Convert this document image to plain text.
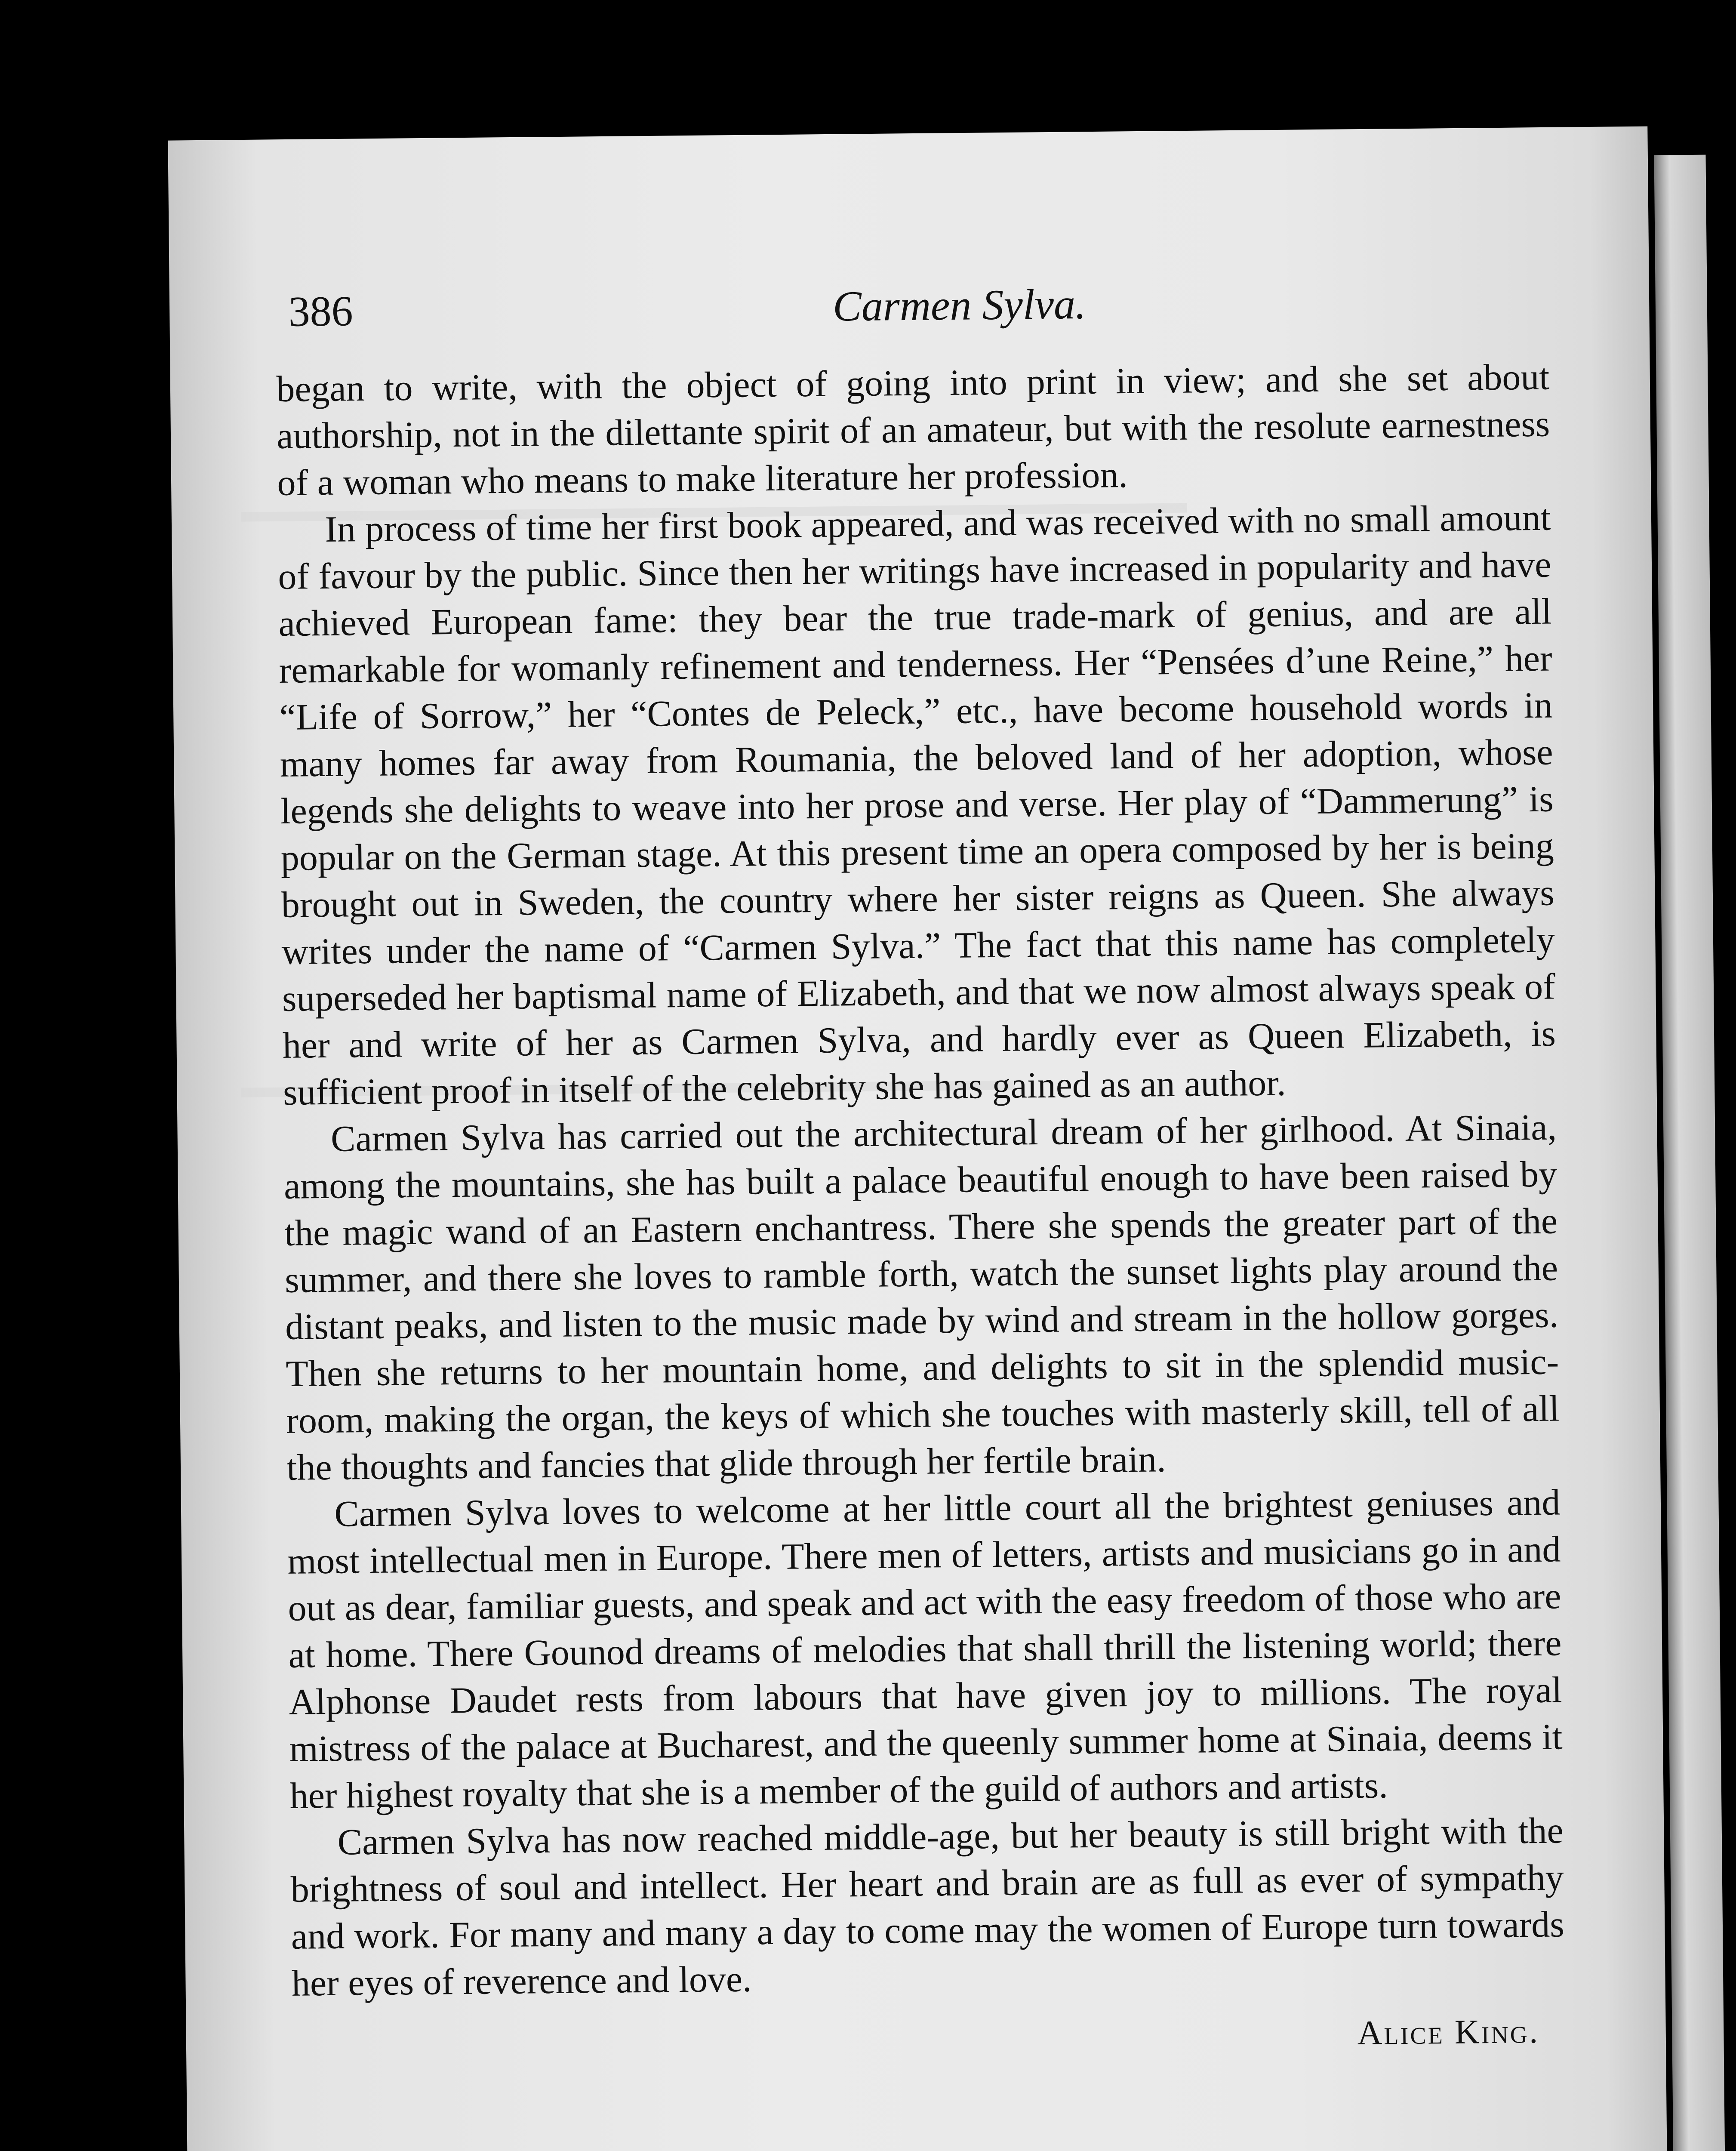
386	Carmen Sylva.

began to write, with the object of going into print in view; and she set about authorship, not in the dilettante spirit of an amateur, but with the resolute earnestness of a woman who means to make literature her profession.

In process of time her first book appeared, and was received with no small amount of favour by the public. Since then her writings have increased in popularity and have achieved European fame: they bear the true trade-mark of genius, and are all remarkable for womanly refinement and tenderness. Her “Pensées d’une Reine,” her “Life of Sorrow,” her “Contes de Peleck,” etc., have become household words in many homes far away from Roumania, the beloved land of her adoption, whose legends she delights to weave into her prose and verse. Her play of “Dammerung” is popular on the German stage. At this present time an opera composed by her is being brought out in Sweden, the country where her sister reigns as Queen. She always writes under the name of “Carmen Sylva.” The fact that this name has completely superseded her baptismal name of Elizabeth, and that we now almost always speak of her and write of her as Carmen Sylva, and hardly ever as Queen Elizabeth, is sufficient proof in itself of the celebrity she has gained as an author.

Carmen Sylva has carried out the architectural dream of her girlhood. At Sinaia, among the mountains, she has built a palace beautiful enough to have been raised by the magic wand of an Eastern enchantress. There she spends the greater part of the summer, and there she loves to ramble forth, watch the sunset lights play around the distant peaks, and listen to the music made by wind and stream in the hollow gorges. Then she returns to her mountain home, and delights to sit in the splendid music-room, making the organ, the keys of which she touches with masterly skill, tell of all the thoughts and fancies that glide through her fertile brain.

Carmen Sylva loves to welcome at her little court all the brightest geniuses and most intellectual men in Europe. There men of letters, artists and musicians go in and out as dear, familiar guests, and speak and act with the easy freedom of those who are at home. There Gounod dreams of melodies that shall thrill the listening world; there Alphonse Daudet rests from labours that have given joy to millions. The royal mistress of the palace at Bucharest, and the queenly summer home at Sinaia, deems it her highest royalty that she is a member of the guild of authors and artists.

Carmen Sylva has now reached middle-age, but her beauty is still bright with the brightness of soul and intellect. Her heart and brain are as full as ever of sympathy and work. For many and many a day to come may the women of Europe turn towards her eyes of reverence and love.

Alice King.
